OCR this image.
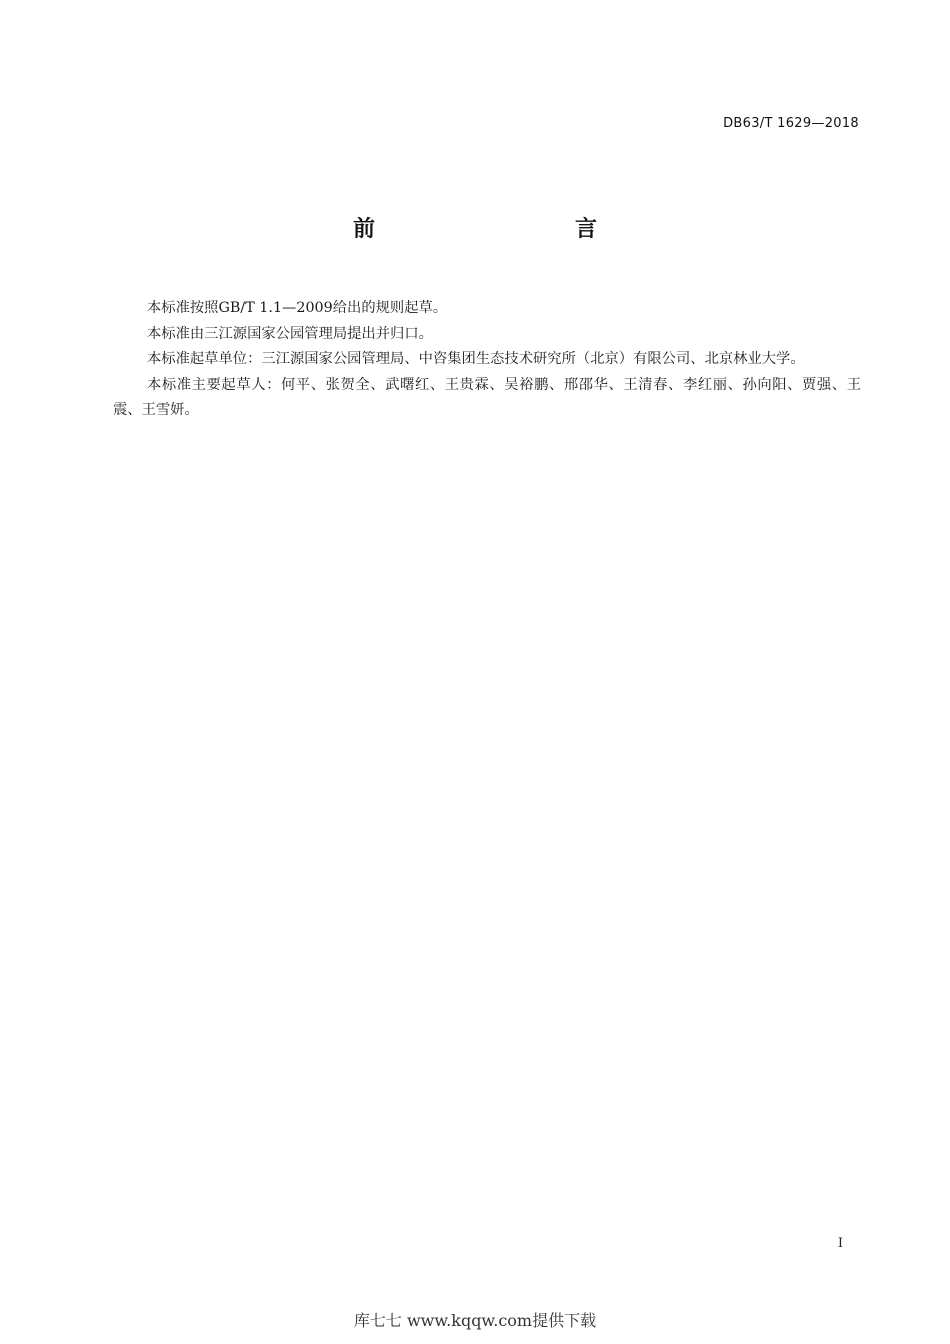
DB63/T 1629—2018
前　　言

本标准按照GB/T 1.1—2009给出的规则起草。

本标准由三江源国家公园管理局提出并归口。

本标准起草单位：三江源国家公园管理局、中咨集团生态技术研究所（北京）有限公司、北京林业大学。

本标准主要起草人：何平、张贺全、武曙红、王贵霖、吴裕鹏、邢邵华、王清春、李红丽、孙向阳、贾强、王震、王雪妍。

I
库七七 www.kqqw.com提供下载
